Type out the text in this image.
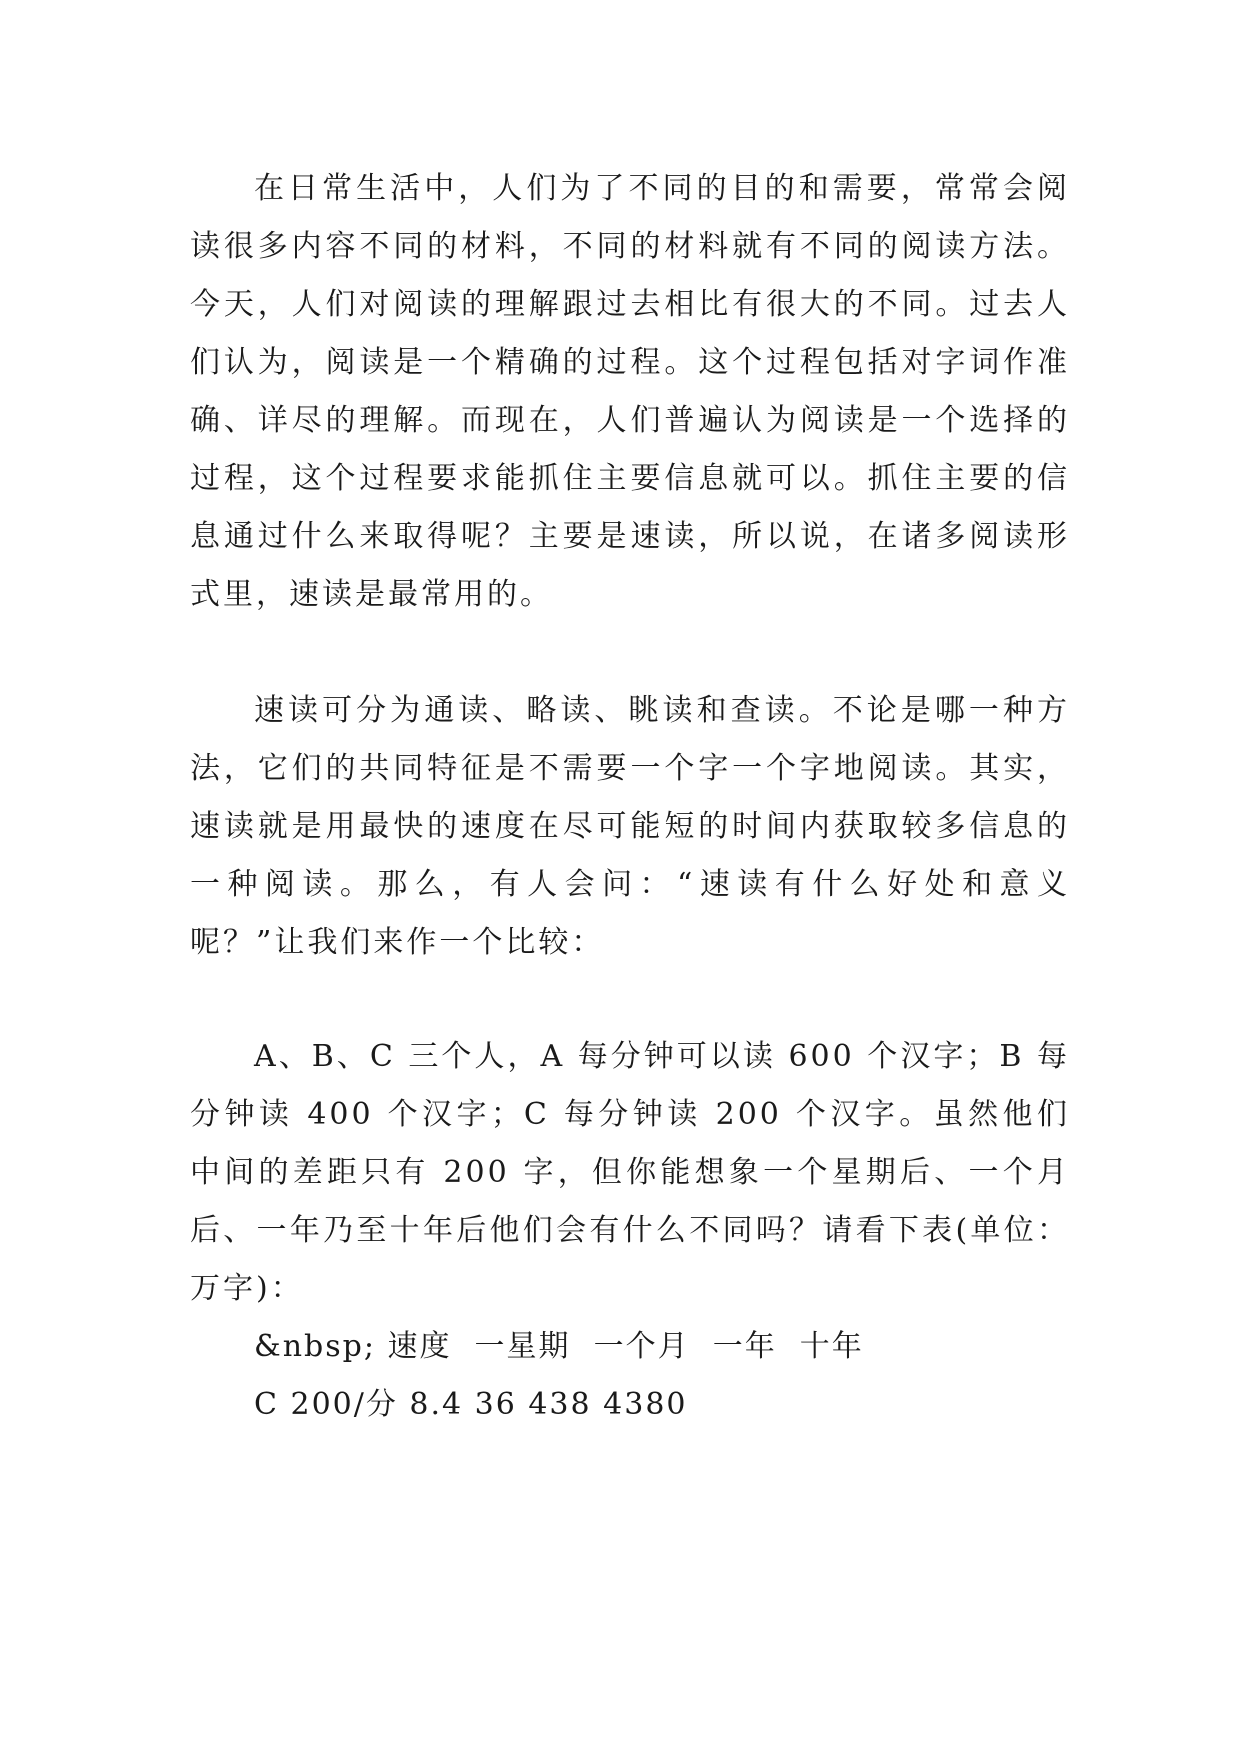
在日常生活中，人们为了不同的目的和需要，常常会阅读很多内容不同的材料，不同的材料就有不同的阅读方法。今天，人们对阅读的理解跟过去相比有很大的不同。过去人们认为，阅读是一个精确的过程。这个过程包括对字词作准确、详尽的理解。而现在，人们普遍认为阅读是一个选择的过程，这个过程要求能抓住主要信息就可以。抓住主要的信息通过什么来取得呢？主要是速读，所以说，在诸多阅读形式里，速读是最常用的。

速读可分为通读、略读、眺读和查读。不论是哪一种方法，它们的共同特征是不需要一个字一个字地阅读。其实，速读就是用最快的速度在尽可能短的时间内获取较多信息的一种阅读。那么，有人会问：“速读有什么好处和意义呢？”让我们来作一个比较：

A、B、C 三个人，A 每分钟可以读 600 个汉字；B 每分钟读 400 个汉字；C 每分钟读 200 个汉字。虽然他们中间的差距只有 200 字，但你能想象一个星期后、一个月后、一年乃至十年后他们会有什么不同吗？请看下表(单位：万字)：

&nbsp; 速度  一星期  一个月  一年  十年

C 200/分 8.4 36 438 4380
